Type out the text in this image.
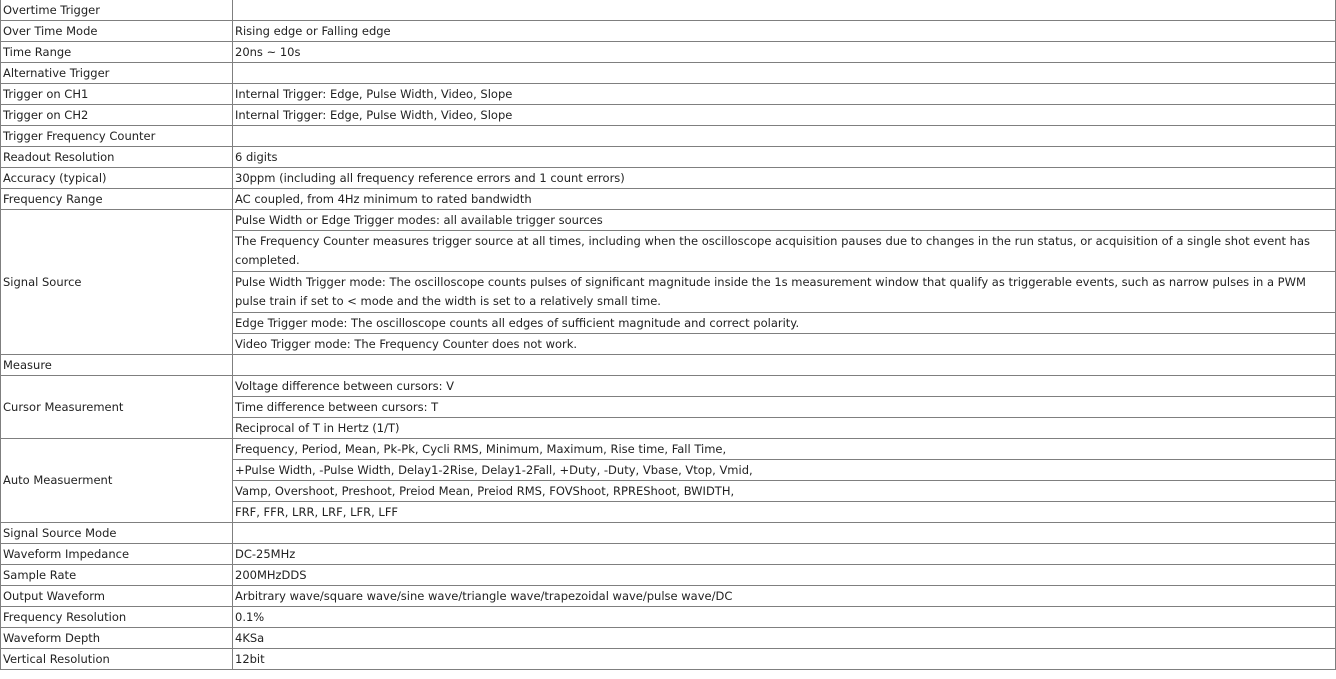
Overtime Trigger	
Over Time Mode	Rising edge or Falling edge
Time Range	20ns ~ 10s
Alternative Trigger	
Trigger on CH1	Internal Trigger: Edge, Pulse Width, Video, Slope
Trigger on CH2	Internal Trigger: Edge, Pulse Width, Video, Slope
Trigger Frequency Counter	
Readout Resolution	6 digits
Accuracy (typical)	30ppm (including all frequency reference errors and 1 count errors)
Frequency Range	AC coupled, from 4Hz minimum to rated bandwidth
Signal Source	Pulse Width or Edge Trigger modes: all available trigger sources
	The Frequency Counter measures trigger source at all times, including when the oscilloscope acquisition pauses due to changes in the run status, or acquisition of a single shot event has completed.
	Pulse Width Trigger mode: The oscilloscope counts pulses of significant magnitude inside the 1s measurement window that qualify as triggerable events, such as narrow pulses in a PWM pulse train if set to < mode and the width is set to a relatively small time.
	Edge Trigger mode: The oscilloscope counts all edges of sufficient magnitude and correct polarity.
	Video Trigger mode: The Frequency Counter does not work.
Measure	
Cursor Measurement	Voltage difference between cursors: V
	Time difference between cursors: T
	Reciprocal of T in Hertz (1/T)
Auto Measuerment	Frequency, Period, Mean, Pk-Pk, Cycli RMS, Minimum, Maximum, Rise time, Fall Time,
	+Pulse Width, -Pulse Width, Delay1-2Rise, Delay1-2Fall, +Duty, -Duty, Vbase, Vtop, Vmid,
	Vamp, Overshoot, Preshoot, Preiod Mean, Preiod RMS, FOVShoot, RPREShoot, BWIDTH,
	FRF, FFR, LRR, LRF, LFR, LFF
Signal Source Mode	
Waveform Impedance	DC-25MHz
Sample Rate	200MHzDDS
Output Waveform	Arbitrary wave/square wave/sine wave/triangle wave/trapezoidal wave/pulse wave/DC
Frequency Resolution	0.1%
Waveform Depth	4KSa
Vertical Resolution	12bit
